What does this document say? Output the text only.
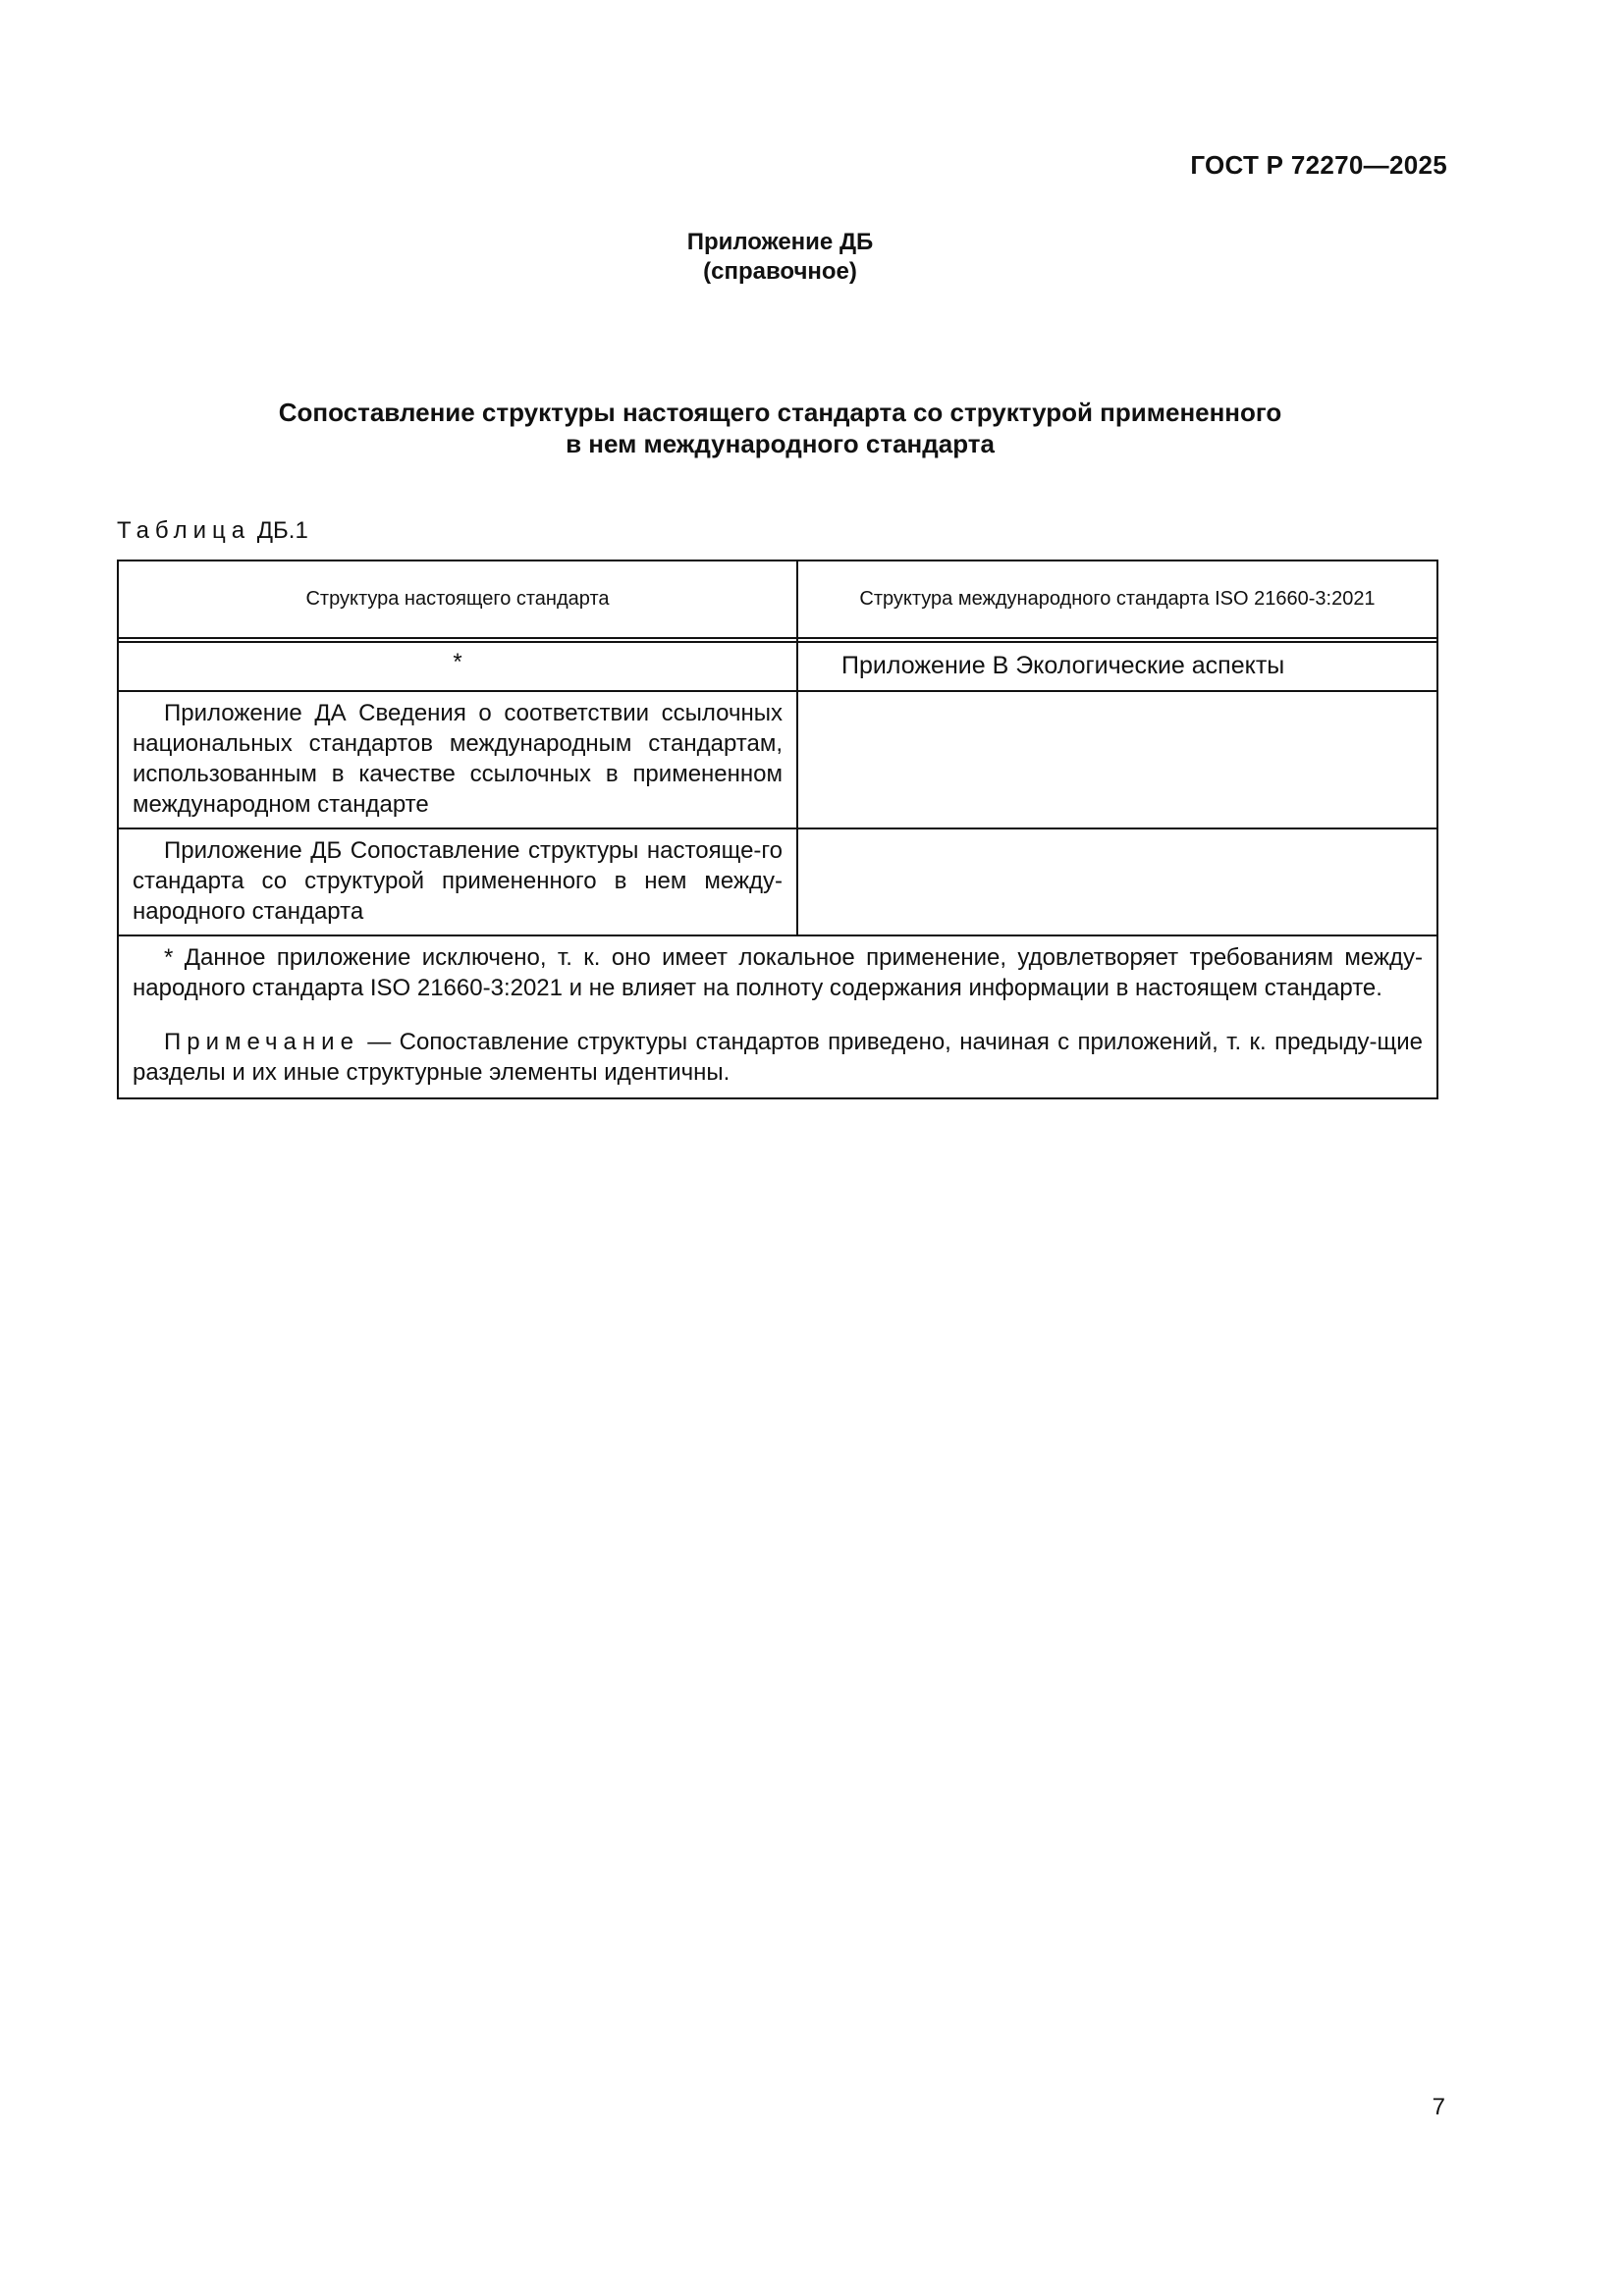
ГОСТ Р 72270—2025
Приложение ДБ
(справочное)
Сопоставление структуры настоящего стандарта со структурой примененного
в нем международного стандарта
Таблица ДБ.1
Структура настоящего стандарта	Структура международного стандарта ISO 21660-3:2021

*	Приложение В Экологические аспекты

Приложение ДА Сведения о соответствии ссылочных национальных стандартов международным стандартам, использованным в качестве ссылочных в примененном международном стандарте	

Приложение ДБ Сопоставление структуры настояще-го стандарта со структурой примененного в нем между-народного стандарта	

* Данное приложение исключено, т. к. оно имеет локальное применение, удовлетворяет требованиям между-народного стандарта ISO 21660-3:2021 и не влияет на полноту содержания информации в настоящем стандарте.

Примечание — Сопоставление структуры стандартов приведено, начиная с приложений, т. к. предыду-щие разделы и их иные структурные элементы идентичны.	

7
